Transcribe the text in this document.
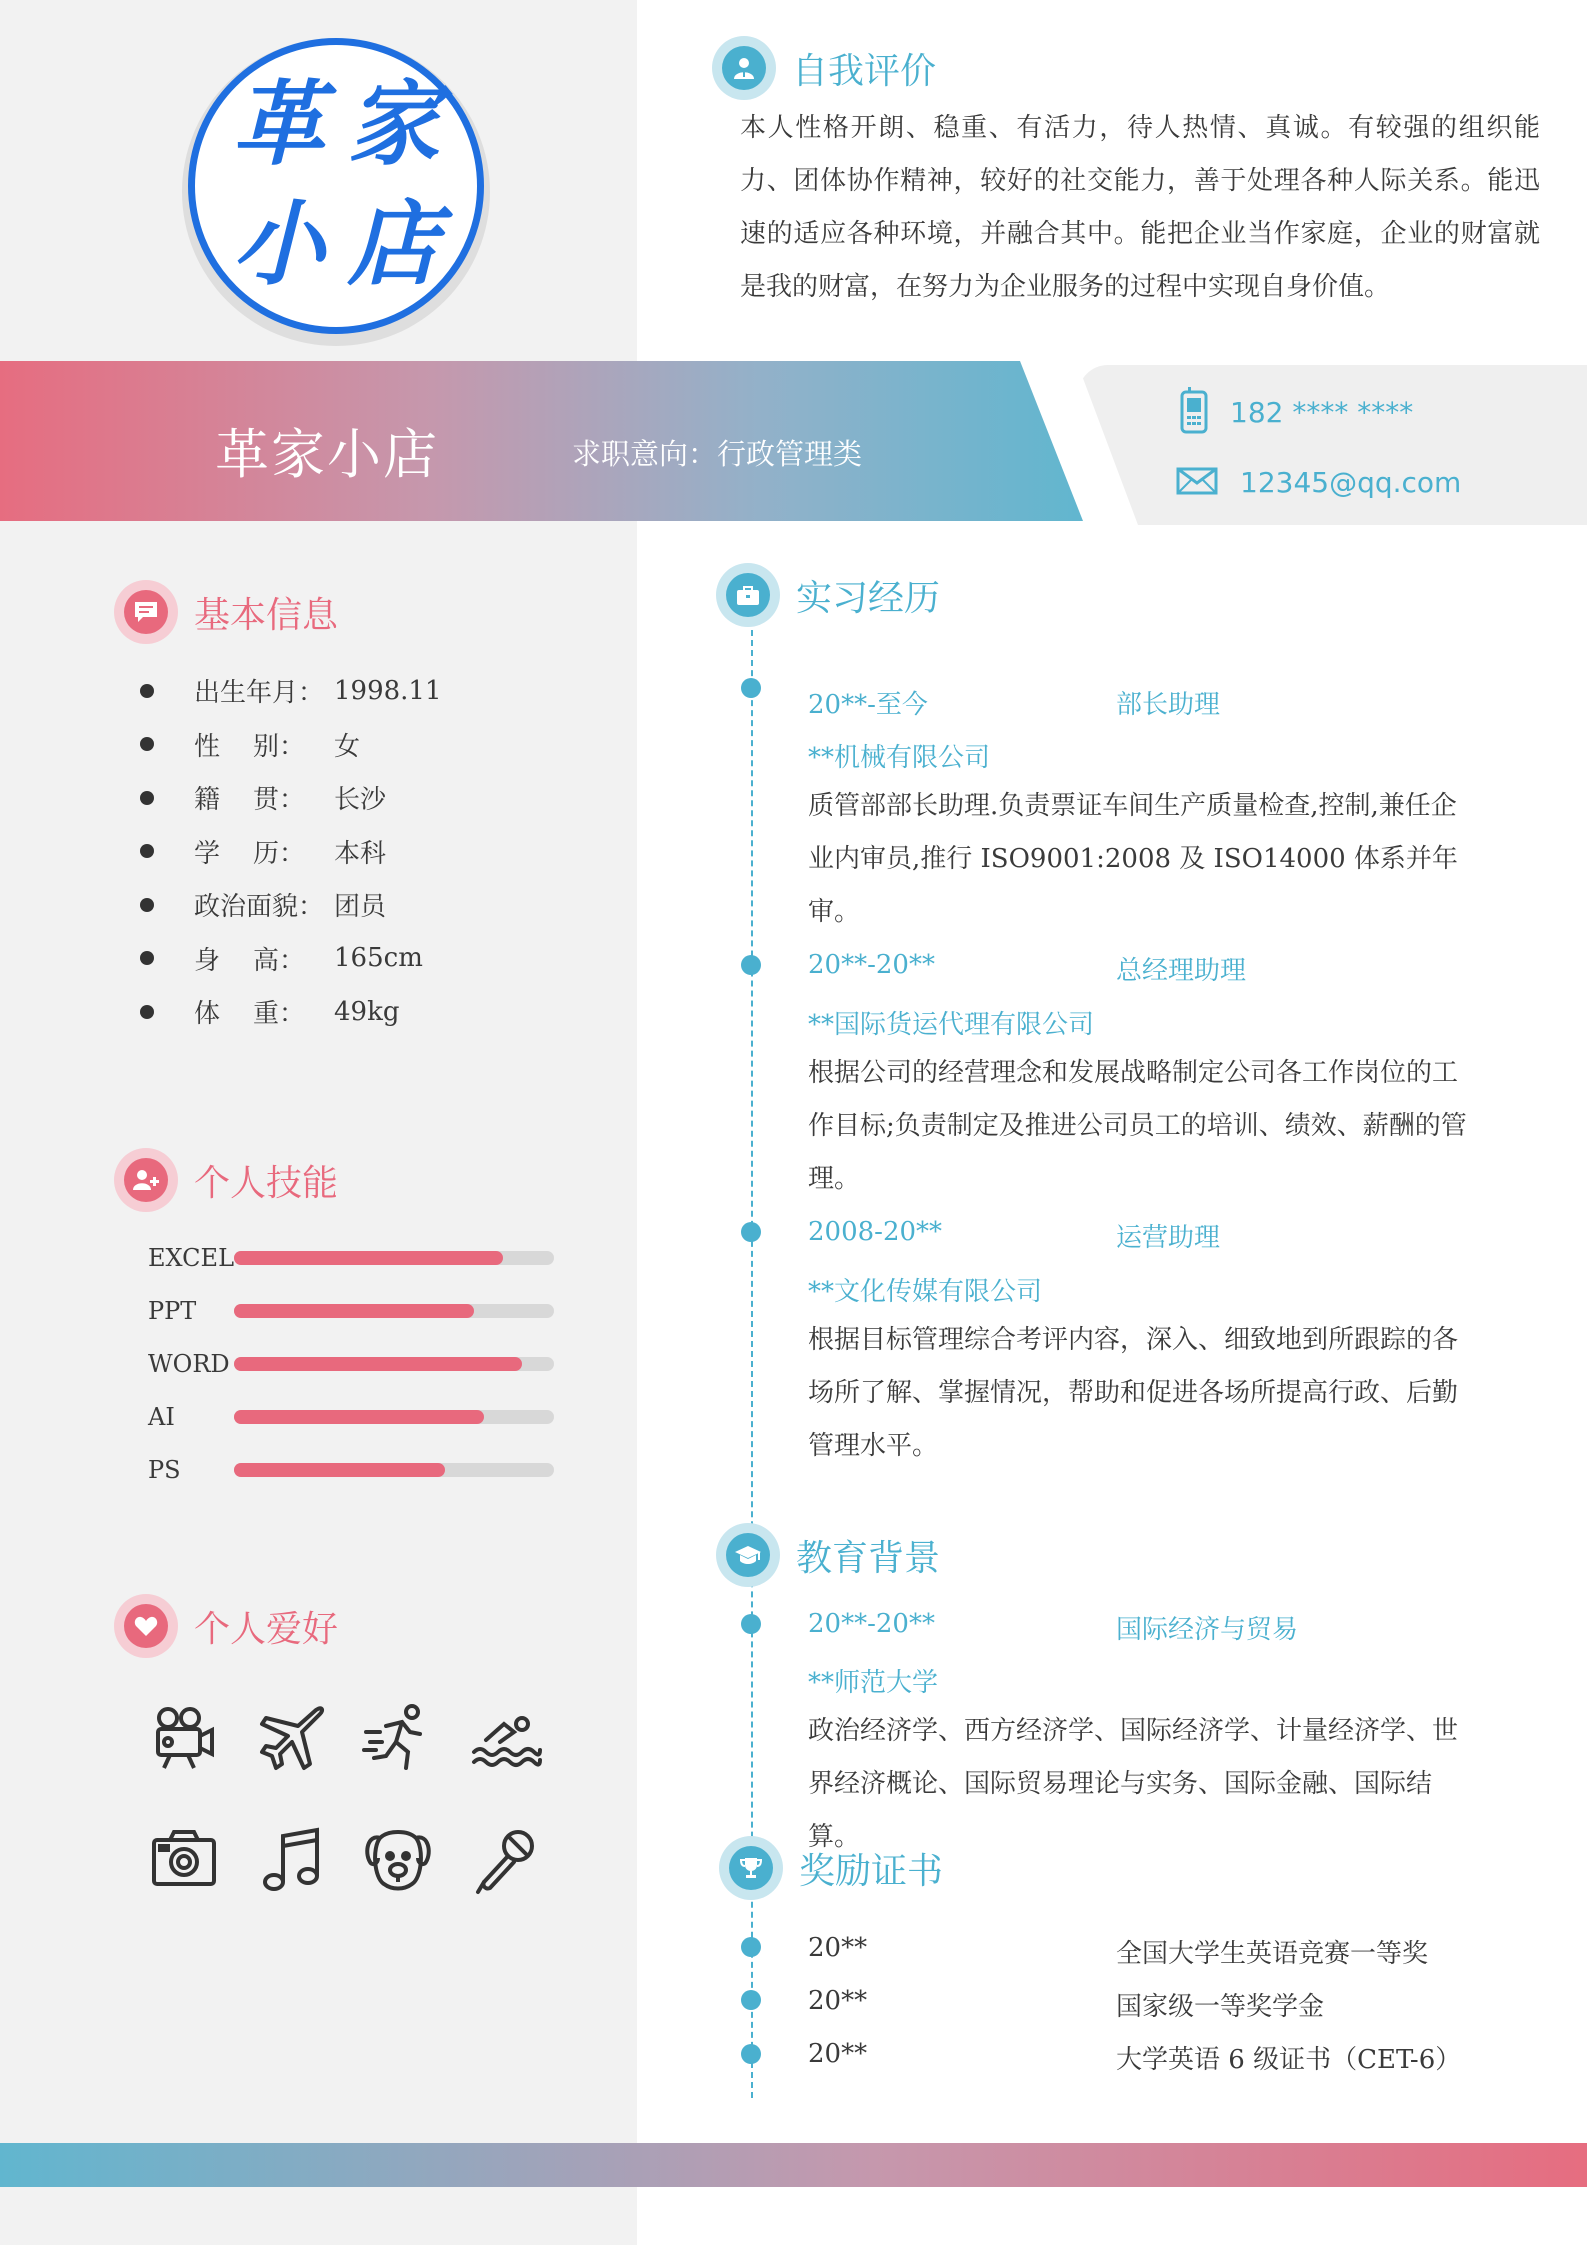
革 家
小 店
自我评价
本人性格开朗、稳重、有活力，待人热情、真诚。有较强的组织能力、团体协作精神，较好的社交能力，善于处理各种人际关系。能迅速的适应各种环境，并融合其中。能把企业当作家庭，企业的财富就是我的财富，在努力为企业服务的过程中实现自身价值。
革家小店	求职意向：行政管理类
182 **** ****
12345@qq.com
基本信息
出生年月： 1998.11
性    别：	女
籍    贯：	长沙
学    历：	本科
政治面貌： 团员
身    高：	165cm
体    重：	49kg
个人技能
EXCEL
PPT
WORD
AI
PS
个人爱好
实习经历
20**-至今	部长助理
**机械有限公司
质管部部长助理.负责票证车间生产质量检查,控制,兼任企业内审员,推行 ISO9001:2008 及 ISO14000 体系并年审。
20**-20**	总经理助理
**国际货运代理有限公司
根据公司的经营理念和发展战略制定公司各工作岗位的工作目标;负责制定及推进公司员工的培训、绩效、薪酬的管理。
2008-20**	运营助理
**文化传媒有限公司
根据目标管理综合考评内容，深入、细致地到所跟踪的各场所了解、掌握情况，帮助和促进各场所提高行政、后勤管理水平。
教育背景
20**-20**	国际经济与贸易
**师范大学
政治经济学、西方经济学、国际经济学、计量经济学、世界经济概论、国际贸易理论与实务、国际金融、国际结算。
奖励证书
20**	全国大学生英语竞赛一等奖
20**	国家级一等奖学金
20**	大学英语 6 级证书（CET-6）
